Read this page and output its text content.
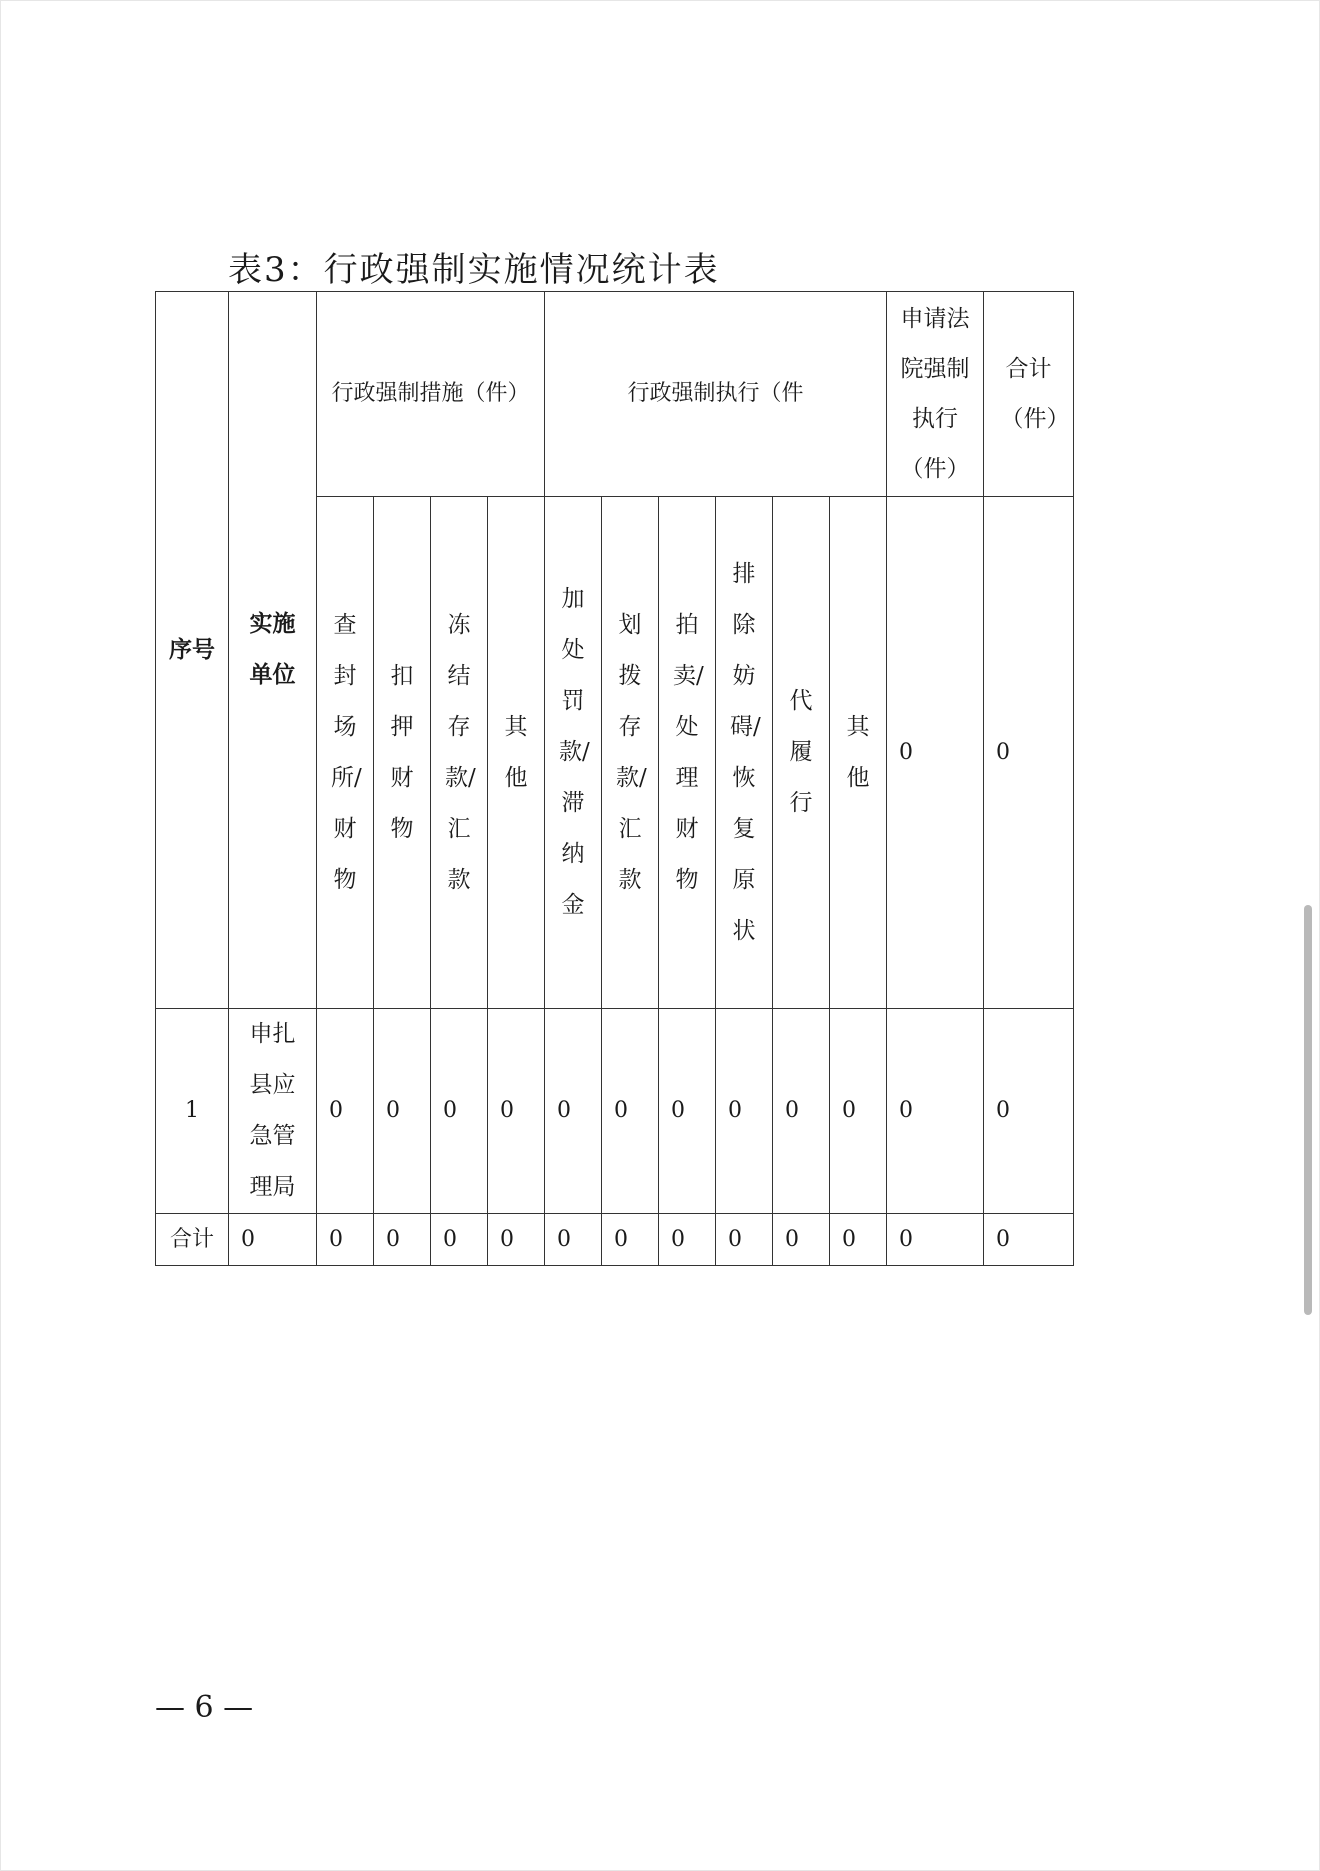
表3：行政强制实施情况统计表
序号	实施单位	行政强制措施（件）				行政强制执行（件						申请法院强制执行（件）	合计（件）
		查封场所/财物	扣押财物	冻结存款/汇款	其他	加处罚款/滞纳金	划拨存款/汇款	拍卖/处理财物	排除妨碍/恢复原状	代履行	其他	0	0
1	申扎县应急管理局	0	0	0	0	0	0	0	0	0	0	0	0
合计	0	0	0	0	0	0	0	0	0	0	0	0	0
— 6 —
